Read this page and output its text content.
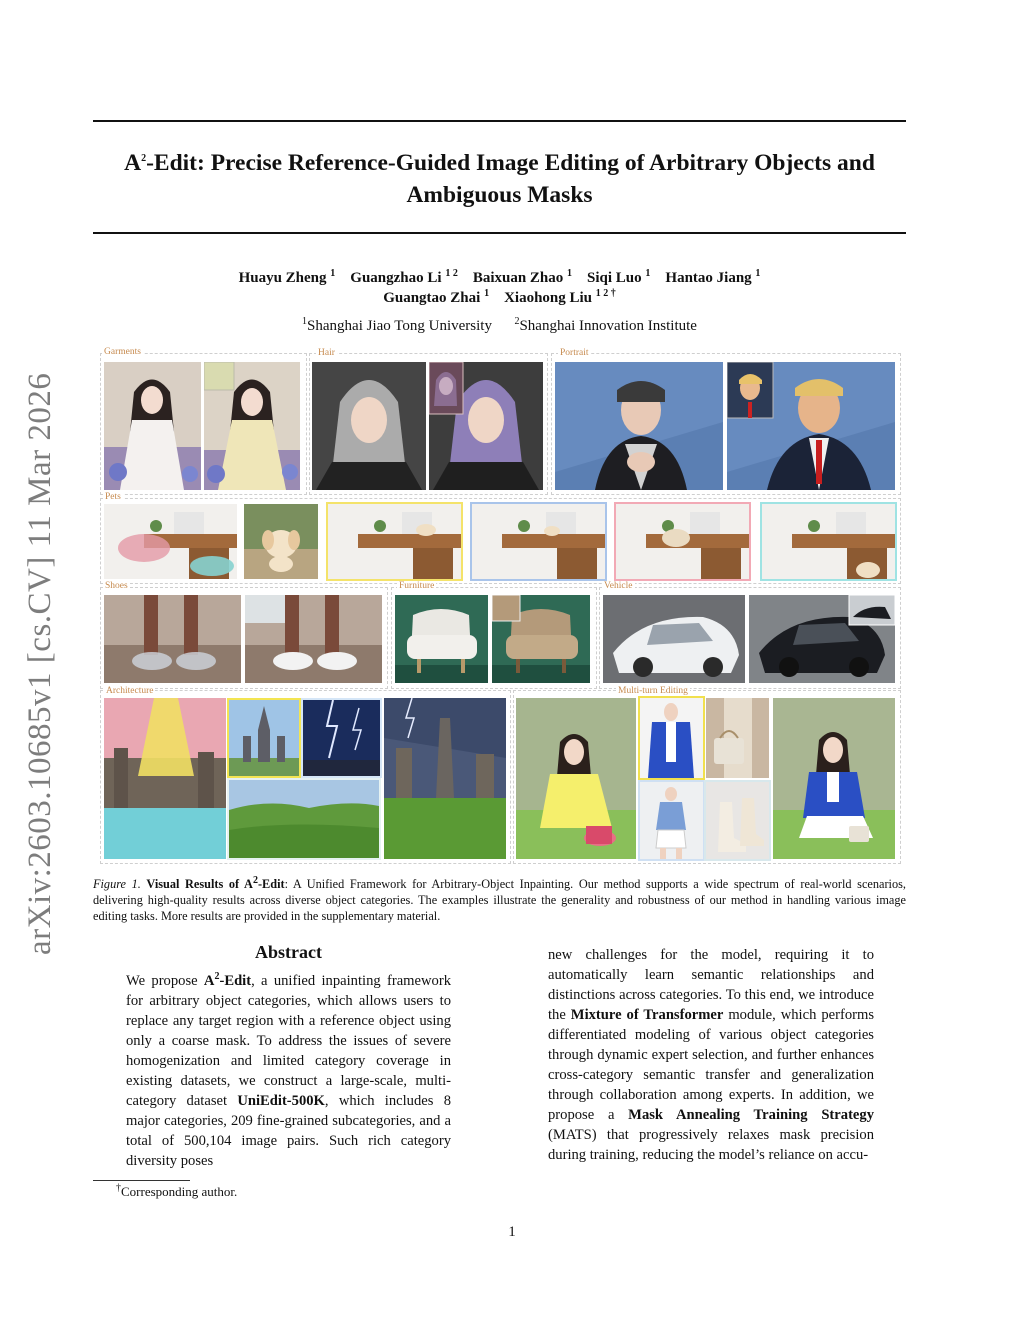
arXiv:2603.10685v1 [cs.CV] 11 Mar 2026
$A^2$-Edit: Precise Reference-Guided Image Editing of Arbitrary Objects and
Ambiguous Masks
Huayu Zheng $^1$ Guangzhao Li $^{1 2}$ Baixuan Zhao $^1$ Siqi Luo $^1$ Hantao Jiang $^1$
Guangtao Zhai $^1$ Xiaohong Liu $^{1 2 \dagger}$
$^1$Shanghai Jiao Tong University $^2$Shanghai Innovation Institute
Garments	Hair	Portrait
Pets
Shoes	Furniture	Vehicle
Architecture	Multi-turn Editing
Figure 1. Visual Results of $A^2$-Edit: A Unified Framework for Arbitrary-Object Inpainting. Our method supports a wide spectrum of real-world scenarios, delivering high-quality results across diverse object categories. The examples illustrate the generality and robustness of our method in handling various image editing tasks. More results are provided in the supplementary material.
Abstract
We propose $A^2$-Edit, a unified inpainting framework for arbitrary object categories, which allows users to replace any target region with a reference object using only a coarse mask. To address the issues of severe homogenization and limited category coverage in existing datasets, we construct a large-scale, multi-category dataset UniEdit-500K, which includes 8 major categories, 209 fine-grained subcategories, and a total of 500,104 image pairs. Such rich category diversity poses
new challenges for the model, requiring it to automatically learn semantic relationships and distinctions across categories. To this end, we introduce the Mixture of Transformer module, which performs differentiated modeling of various object categories through dynamic expert selection, and further enhances cross-category semantic transfer and generalization through collaboration among experts. In addition, we propose a Mask Annealing Training Strategy (MATS) that progressively relaxes mask precision during training, reducing the model’s reliance on accu-
†Corresponding author.
1
